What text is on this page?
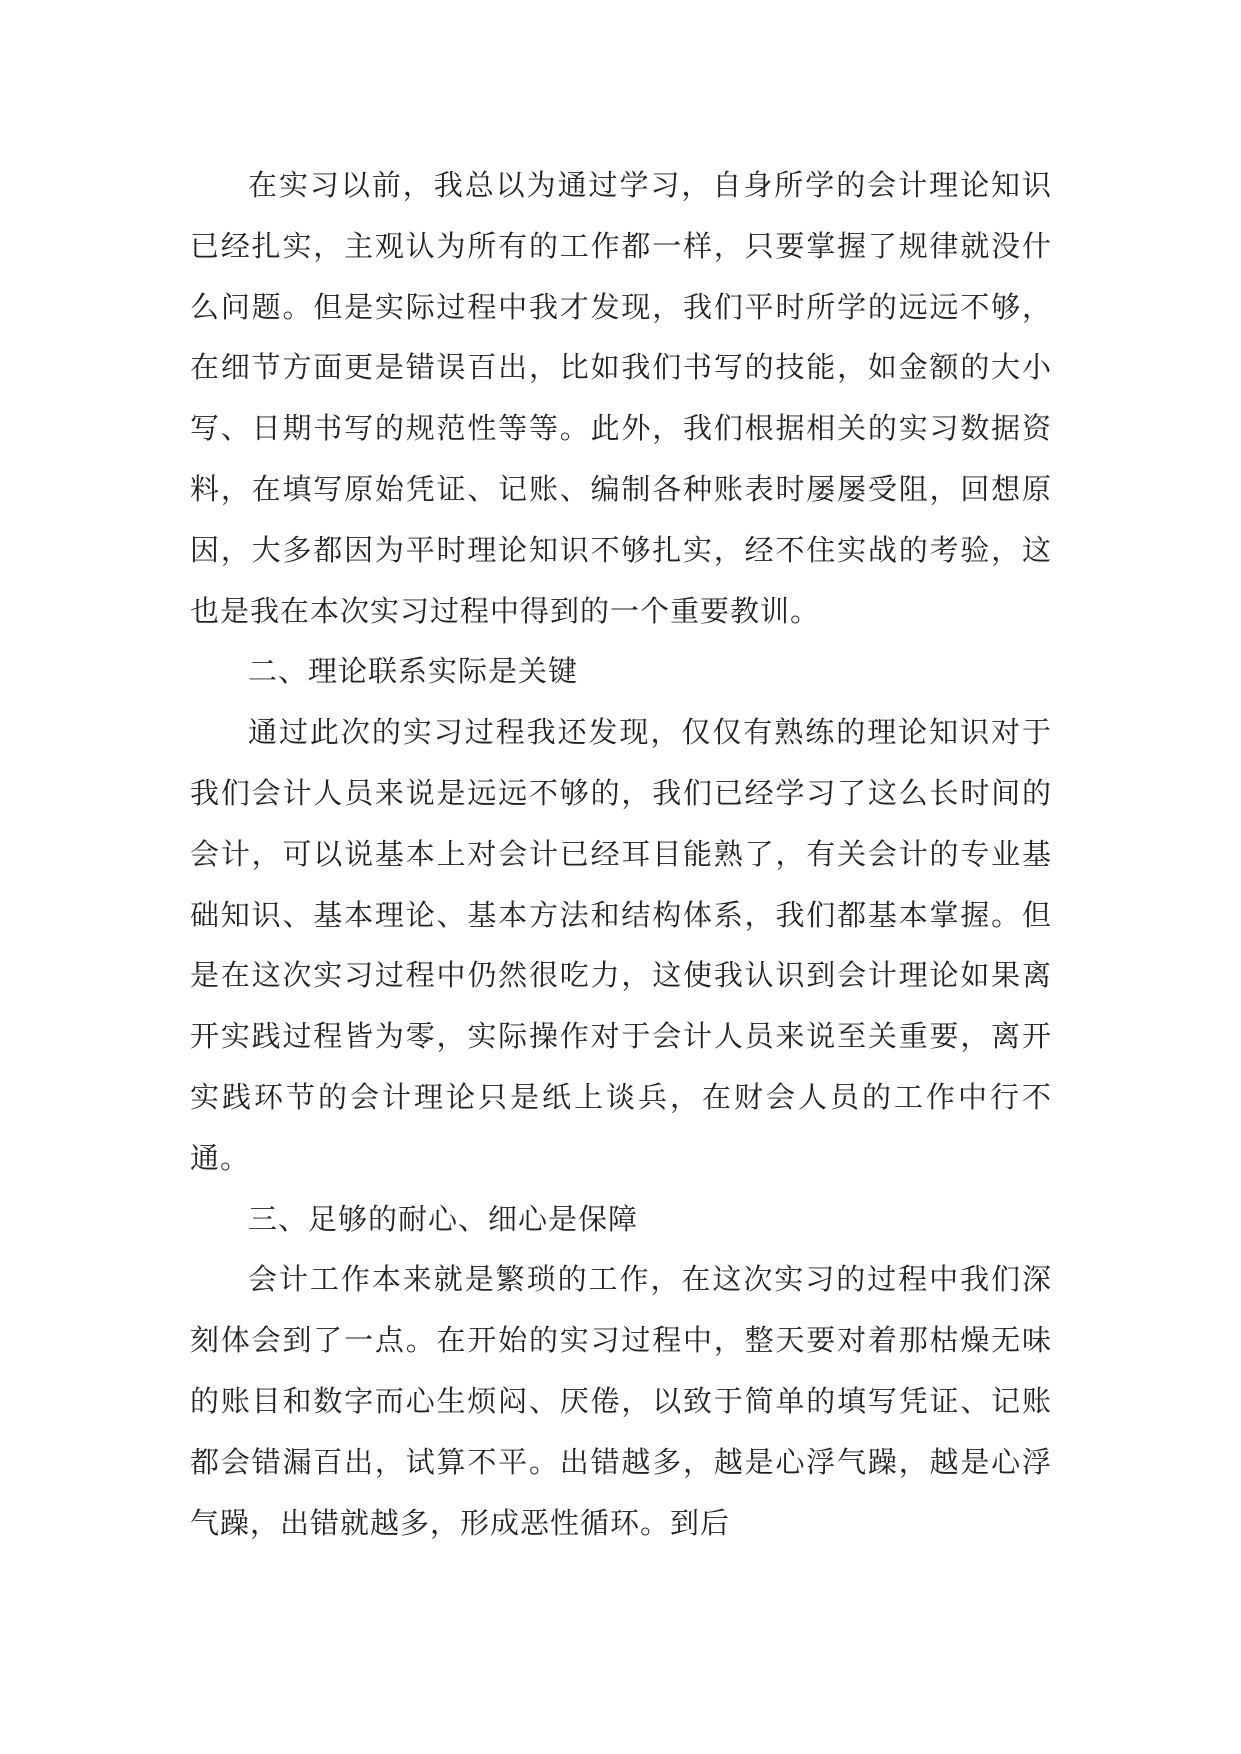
在实习以前，我总以为通过学习，自身所学的会计理论知识已经扎实，主观认为所有的工作都一样，只要掌握了规律就没什么问题。但是实际过程中我才发现，我们平时所学的远远不够，在细节方面更是错误百出，比如我们书写的技能，如金额的大小写、日期书写的规范性等等。此外，我们根据相关的实习数据资料，在填写原始凭证、记账、编制各种账表时屡屡受阻，回想原因，大多都因为平时理论知识不够扎实，经不住实战的考验，这也是我在本次实习过程中得到的一个重要教训。

二、理论联系实际是关键

通过此次的实习过程我还发现，仅仅有熟练的理论知识对于我们会计人员来说是远远不够的，我们已经学习了这么长时间的会计，可以说基本上对会计已经耳目能熟了，有关会计的专业基础知识、基本理论、基本方法和结构体系，我们都基本掌握。但是在这次实习过程中仍然很吃力，这使我认识到会计理论如果离开实践过程皆为零，实际操作对于会计人员来说至关重要，离开实践环节的会计理论只是纸上谈兵，在财会人员的工作中行不通。

三、足够的耐心、细心是保障

会计工作本来就是繁琐的工作，在这次实习的过程中我们深刻体会到了一点。在开始的实习过程中，整天要对着那枯燥无味的账目和数字而心生烦闷、厌倦，以致于简单的填写凭证、记账都会错漏百出，试算不平。出错越多，越是心浮气躁，越是心浮气躁，出错就越多，形成恶性循环。到后
